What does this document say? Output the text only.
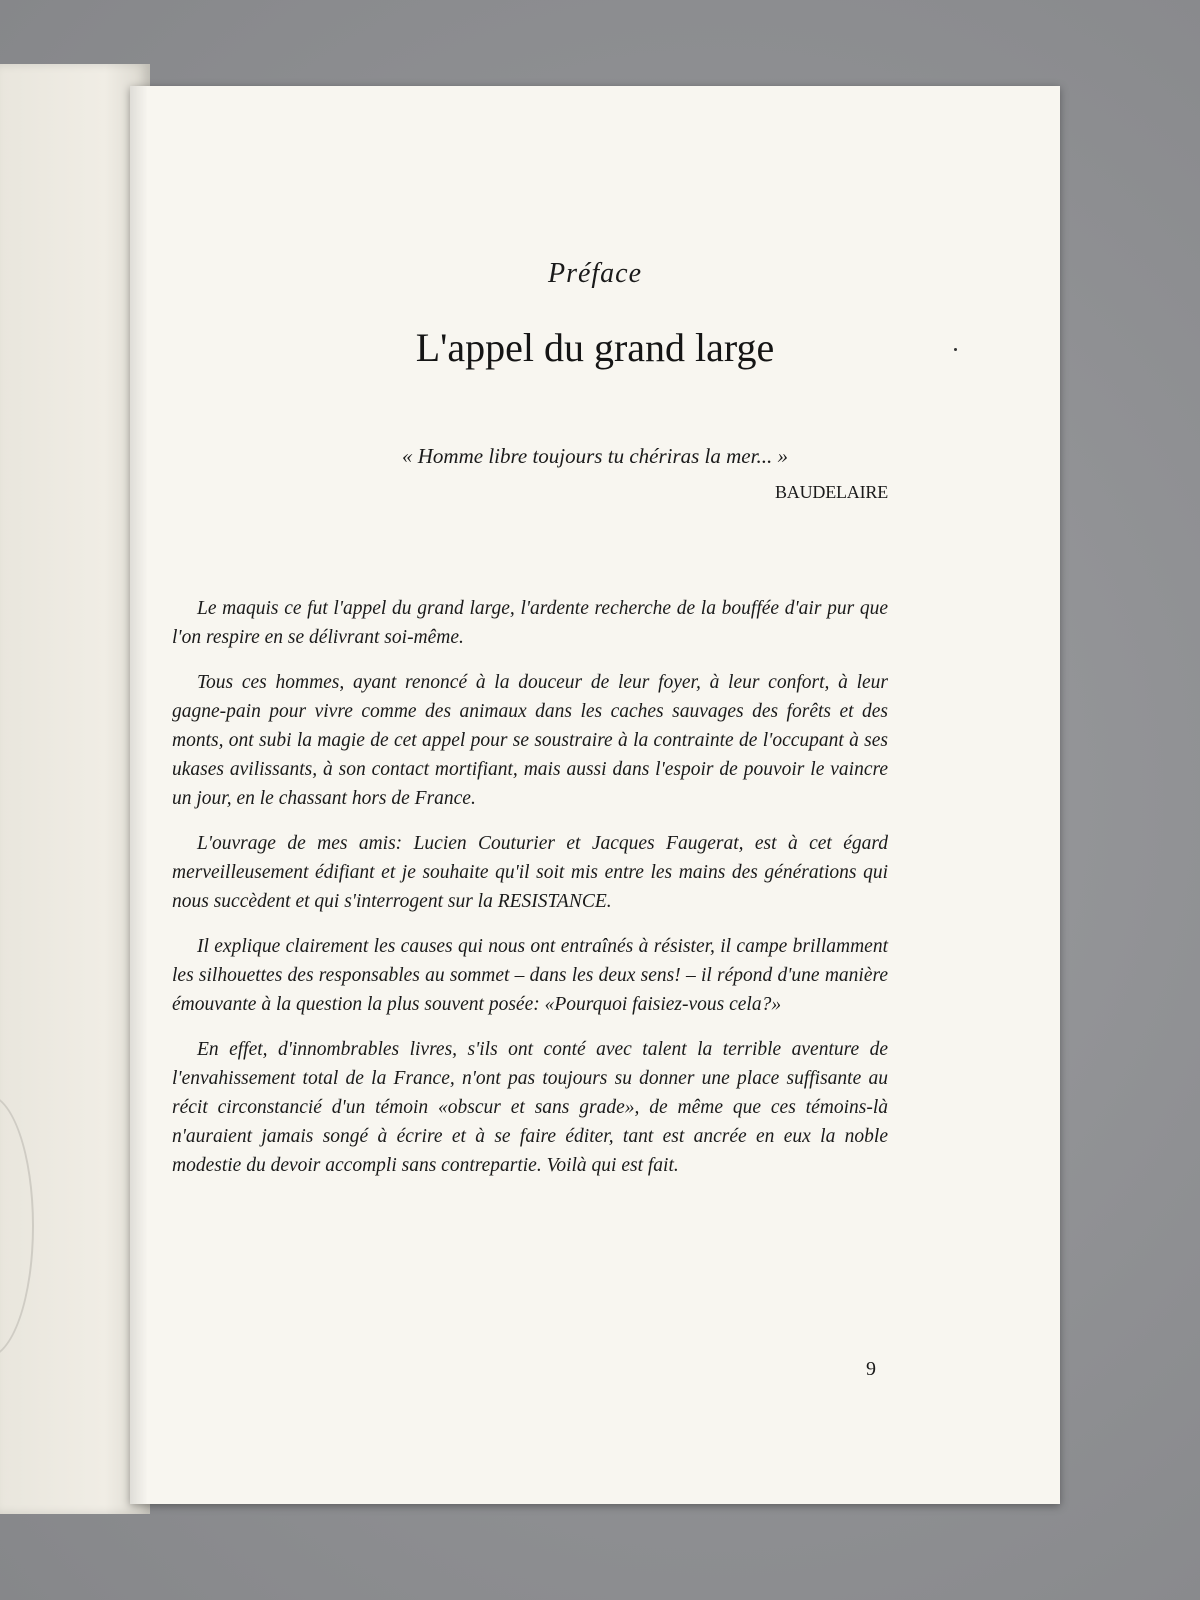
Préface
L'appel du grand large
« Homme libre toujours tu chériras la mer... »
BAUDELAIRE

Le maquis ce fut l'appel du grand large, l'ardente recherche de la bouffée d'air pur que l'on respire en se délivrant soi-même.

Tous ces hommes, ayant renoncé à la douceur de leur foyer, à leur confort, à leur gagne-pain pour vivre comme des animaux dans les caches sauvages des forêts et des monts, ont subi la magie de cet appel pour se soustraire à la contrainte de l'occupant à ses ukases avilissants, à son contact mortifiant, mais aussi dans l'espoir de pouvoir le vaincre un jour, en le chassant hors de France.

L'ouvrage de mes amis: Lucien Couturier et Jacques Faugerat, est à cet égard merveilleusement édifiant et je souhaite qu'il soit mis entre les mains des générations qui nous succèdent et qui s'interrogent sur la RESISTANCE.

Il explique clairement les causes qui nous ont entraînés à résister, il campe brillamment les silhouettes des responsables au sommet – dans les deux sens! – il répond d'une manière émouvante à la question la plus souvent posée: «Pourquoi faisiez-vous cela?»

En effet, d'innombrables livres, s'ils ont conté avec talent la terrible aventure de l'envahissement total de la France, n'ont pas toujours su donner une place suffisante au récit circonstancié d'un témoin «obscur et sans grade», de même que ces témoins-là n'auraient jamais songé à écrire et à se faire éditer, tant est ancrée en eux la noble modestie du devoir accompli sans contrepartie. Voilà qui est fait.

9
